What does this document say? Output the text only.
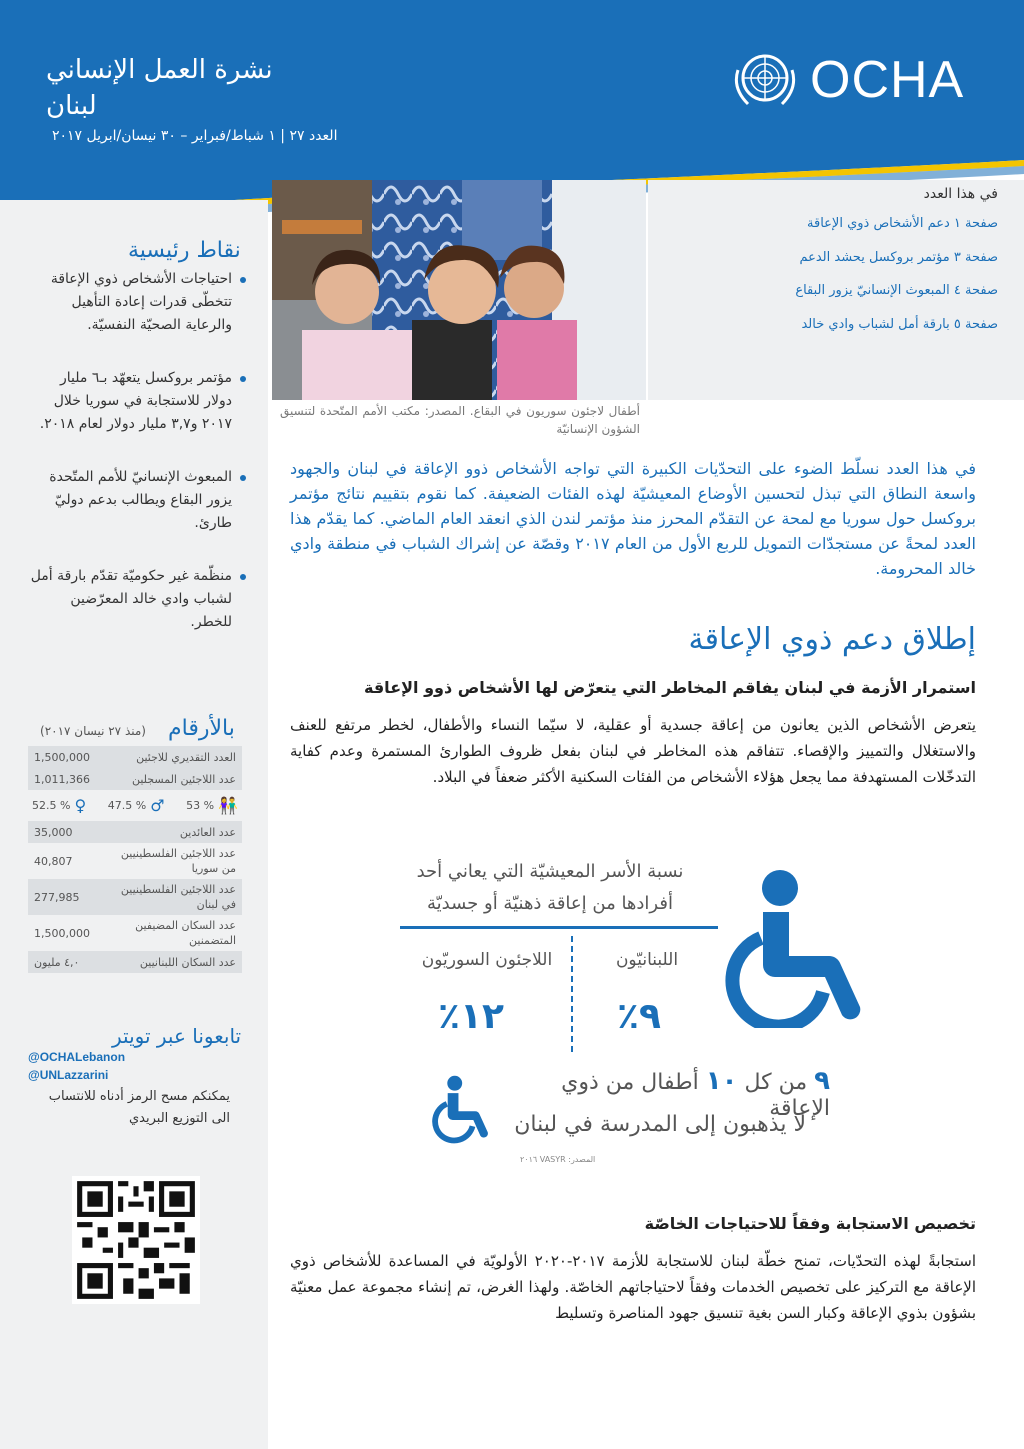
نشرة العمل الإنساني
لبنان
العدد ٢٧ | ١ شباط/فبراير – ٣٠ نيسان/ابريل ٢٠١٧
OCHA
نقاط رئيسية
احتياجات الأشخاص ذوي الإعاقة تتخطّى قدرات إعادة التأهيل والرعاية الصحيّة النفسيّة.
مؤتمر بروكسل يتعهّد بـ٦ مليار دولار للاستجابة في سوريا خلال ٢٠١٧ و٣,٧ مليار دولار لعام ٢٠١٨.
المبعوث الإنسانيّ للأمم المتّحدة يزور البقاع ويطالب بدعم دوليّ طارئ.
منظّمة غير حكوميّة تقدّم بارقة أمل لشباب وادي خالد المعرّضين للخطر.
بالأرقام
(منذ ٢٧ نيسان ٢٠١٧)
العدد التقديري للاجئين
1,500,000
عدد اللاجئين المسجلين
1,011,366
52.5 % ♀ 47.5 % ♂ 53 % 👫
عدد العائدين
35,000
عدد اللاجئين الفلسطينيين من سوريا
40,807
عدد اللاجئين الفلسطينيين في لبنان
277,985
عدد السكان المضيفين المتضمنين
1,500,000
عدد السكان اللبنانيين
٤,٠ مليون
تابعونا عبر تويتر
@OCHALebanon
@UNLazzarini
يمكنكم مسح الرمز أدناه للانتساب الى التوزيع البريدي
أطفال لاجئون سوريون في البقاع. المصدر: مكتب الأمم المتّحدة لتنسيق الشؤون الإنسانيّة
في هذا العدد
صفحة ١ دعم الأشخاص ذوي الإعاقة
صفحة ٣ مؤتمر بروكسل يحشد الدعم
صفحة ٤ المبعوث الإنسانيّ يزور البقاع
صفحة ٥ بارقة أمل لشباب وادي خالد
في هذا العدد نسلّط الضوء على التحدّيات الكبيرة التي تواجه الأشخاص ذوو الإعاقة في لبنان والجهود واسعة النطاق التي تبذل لتحسين الأوضاع المعيشيّة لهذه الفئات الضعيفة. كما نقوم بتقييم نتائج مؤتمر بروكسل حول سوريا مع لمحة عن التقدّم المحرز منذ مؤتمر لندن الذي انعقد العام الماضي. كما يقدّم هذا العدد لمحةً عن مستجدّات التمويل للربع الأول من العام ٢٠١٧ وقصّة عن إشراك الشباب في منطقة وادي خالد المحرومة.
إطلاق دعم ذوي الإعاقة
استمرار الأزمة في لبنان يفاقم المخاطر التي يتعرّض لها الأشخاص ذوو الإعاقة
يتعرض الأشخاص الذين يعانون من إعاقة جسدية أو عقلية، لا سيّما النساء والأطفال، لخطر مرتفع للعنف والاستغلال والتمييز والإقصاء. تتفاقم هذه المخاطر في لبنان بفعل ظروف الطوارئ المستمرة وعدم كفاية التدخّلات المستهدفة مما يجعل هؤلاء الأشخاص من الفئات السكنية الأكثر ضعفاً في البلاد.
نسبة الأسر المعيشيّة التي يعاني أحد أفرادها من إعاقة ذهنيّة أو جسديّة
اللبنانيّون
اللاجئون السوريّون
٩٪
١٢٪
٩ من كل ١٠ أطفال من ذوي الإعاقة
لا يذهبون إلى المدرسة في لبنان
المصدر: VASYR ٢٠١٦
تخصيص الاستجابة وفقاً للاحتياجات الخاصّة
استجابةً لهذه التحدّيات، تمنح خطّة لبنان للاستجابة للأزمة ٢٠١٧-٢٠٢٠ الأولويّة في المساعدة للأشخاص ذوي الإعاقة مع التركيز على تخصيص الخدمات وفقاً لاحتياجاتهم الخاصّة. ولهذا الغرض، تم إنشاء مجموعة عمل معنيّة بشؤون بذوي الإعاقة وكبار السن بغية تنسيق جهود المناصرة وتسليط
